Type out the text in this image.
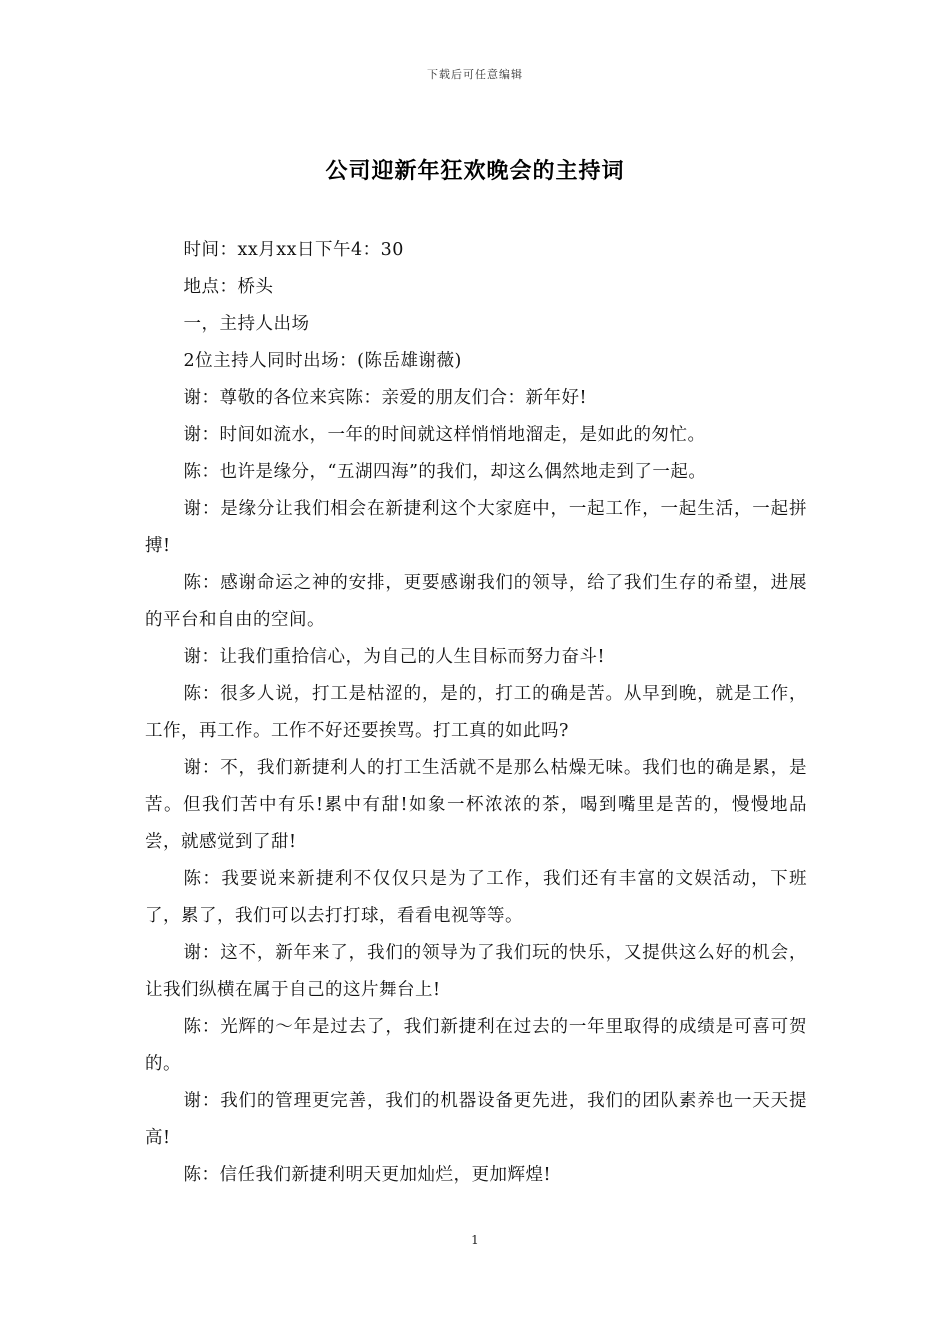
下载后可任意编辑
公司迎新年狂欢晚会的主持词

时间：xx月xx日下午4：30

地点：桥头

一，主持人出场

2位主持人同时出场：(陈岳雄谢薇)

谢：尊敬的各位来宾陈：亲爱的朋友们合：新年好!

谢：时间如流水，一年的时间就这样悄悄地溜走，是如此的匆忙。

陈：也许是缘分，“五湖四海”的我们，却这么偶然地走到了一起。

谢：是缘分让我们相会在新捷利这个大家庭中，一起工作，一起生活，一起拼搏!

陈：感谢命运之神的安排，更要感谢我们的领导，给了我们生存的希望，进展的平台和自由的空间。

谢：让我们重拾信心，为自己的人生目标而努力奋斗!

陈：很多人说，打工是枯涩的，是的，打工的确是苦。从早到晚，就是工作，工作，再工作。工作不好还要挨骂。打工真的如此吗?

谢：不，我们新捷利人的打工生活就不是那么枯燥无味。我们也的确是累，是苦。但我们苦中有乐!累中有甜!如象一杯浓浓的茶，喝到嘴里是苦的，慢慢地品尝，就感觉到了甜!

陈：我要说来新捷利不仅仅只是为了工作，我们还有丰富的文娱活动，下班了，累了，我们可以去打打球，看看电视等等。

谢：这不，新年来了，我们的领导为了我们玩的快乐，又提供这么好的机会，让我们纵横在属于自己的这片舞台上!

陈：光辉的～年是过去了，我们新捷利在过去的一年里取得的成绩是可喜可贺的。

谢：我们的管理更完善，我们的机器设备更先进，我们的团队素养也一天天提高!

陈：信任我们新捷利明天更加灿烂，更加辉煌!

1
